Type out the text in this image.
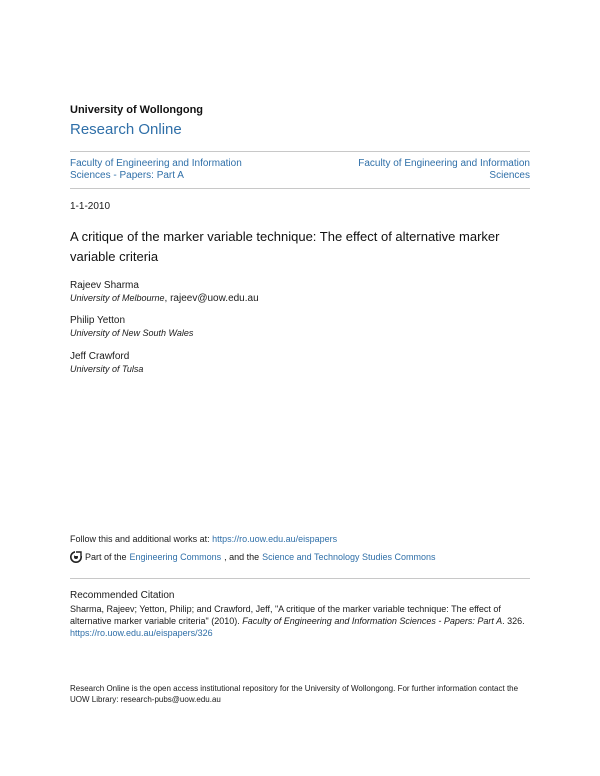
University of Wollongong
Research Online
Faculty of Engineering and Information Sciences - Papers: Part A
Faculty of Engineering and Information Sciences
1-1-2010
A critique of the marker variable technique: The effect of alternative marker variable criteria
Rajeev Sharma
University of Melbourne, rajeev@uow.edu.au
Philip Yetton
University of New South Wales
Jeff Crawford
University of Tulsa
Follow this and additional works at: https://ro.uow.edu.au/eispapers
Part of the Engineering Commons , and the Science and Technology Studies Commons
Recommended Citation
Sharma, Rajeev; Yetton, Philip; and Crawford, Jeff, "A critique of the marker variable technique: The effect of alternative marker variable criteria" (2010). Faculty of Engineering and Information Sciences - Papers: Part A. 326.
https://ro.uow.edu.au/eispapers/326
Research Online is the open access institutional repository for the University of Wollongong. For further information contact the UOW Library: research-pubs@uow.edu.au
